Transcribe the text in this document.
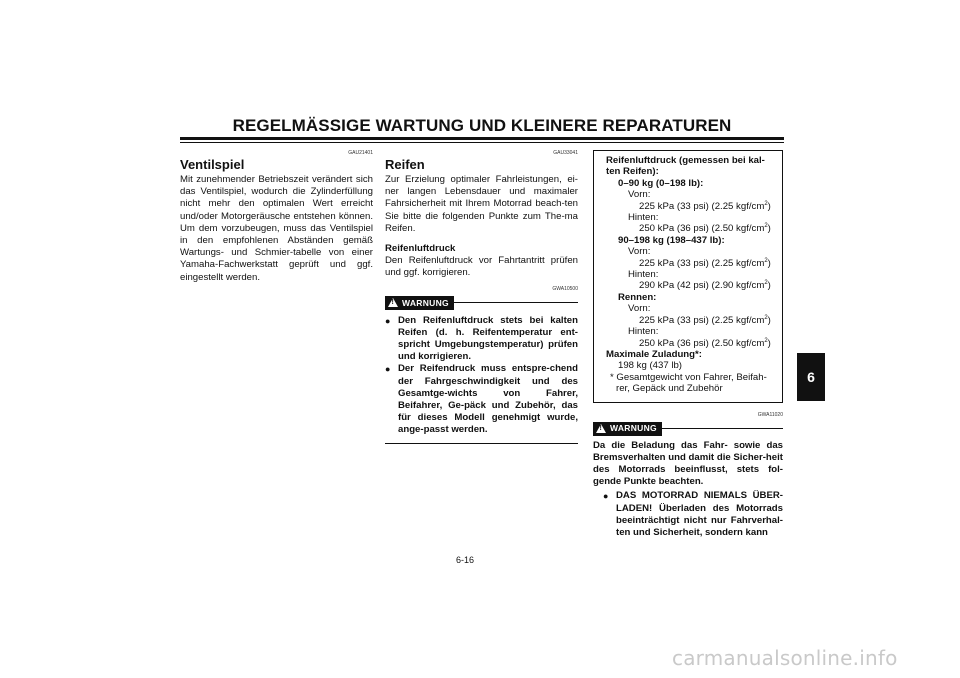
REGELMÄSSIGE WARTUNG UND KLEINERE REPARATUREN
6
GAU21401
Ventilspiel

Mit zunehmender Betriebszeit verändert sich das Ventilspiel, wodurch die Zylinderfüllung nicht mehr den optimalen Wert erreicht und/oder Motorgeräusche entstehen können. Um dem vorzubeugen, muss das Ventilspiel in den empfohlenen Abständen gemäß Wartungs- und Schmier-tabelle von einer Yamaha-Fachwerkstatt geprüft und ggf. eingestellt werden.

GAU33041
Reifen

Zur Erzielung optimaler Fahrleistungen, ei-ner langen Lebensdauer und maximaler Fahrsicherheit mit Ihrem Motorrad beach-ten Sie bitte die folgenden Punkte zum The-ma Reifen.

Reifenluftdruck

Den Reifenluftdruck vor Fahrtantritt prüfen und ggf. korrigieren.

GWA10500
!
WARNUNG
● Den Reifenluftdruck stets bei kalten Reifen (d. h. Reifentemperatur ent-spricht Umgebungstemperatur) prüfen und korrigieren.
● Der Reifendruck muss entspre-chend der Fahrgeschwindigkeit und des Gesamtge-wichts von Fahrer, Beifahrer, Ge-päck und Zubehör, das für dieses Modell genehmigt wurde, ange-passt werden.
Reifenluftdruck (gemessen bei kal-
ten Reifen):
0–90 kg (0–198 lb):
Vorn:
225 kPa (33 psi) (2.25 kgf/$cm^2$)
Hinten:
250 kPa (36 psi) (2.50 kgf/$cm^2$)
90–198 kg (198–437 lb):
Vorn:
225 kPa (33 psi) (2.25 kgf/$cm^2$)
Hinten:
290 kPa (42 psi) (2.90 kgf/$cm^2$)
Rennen:
Vorn:
225 kPa (33 psi) (2.25 kgf/$cm^2$)
Hinten:
250 kPa (36 psi) (2.50 kgf/$cm^2$)
Maximale Zuladung*:
198 kg (437 lb)
* Gesamtgewicht von Fahrer, Beifah-
rer, Gepäck und Zubehör
GWA11020
!
WARNUNG

Da die Beladung das Fahr- sowie das Bremsverhalten und damit die Sicher-heit des Motorrads beeinflusst, stets fol-gende Punkte beachten.

● DAS MOTORRAD NIEMALS ÜBER-LADEN! Überladen des Motorrads beeinträchtigt nicht nur Fahrverhal-ten und Sicherheit, sondern kann
6-16
carmanualsonline.info
